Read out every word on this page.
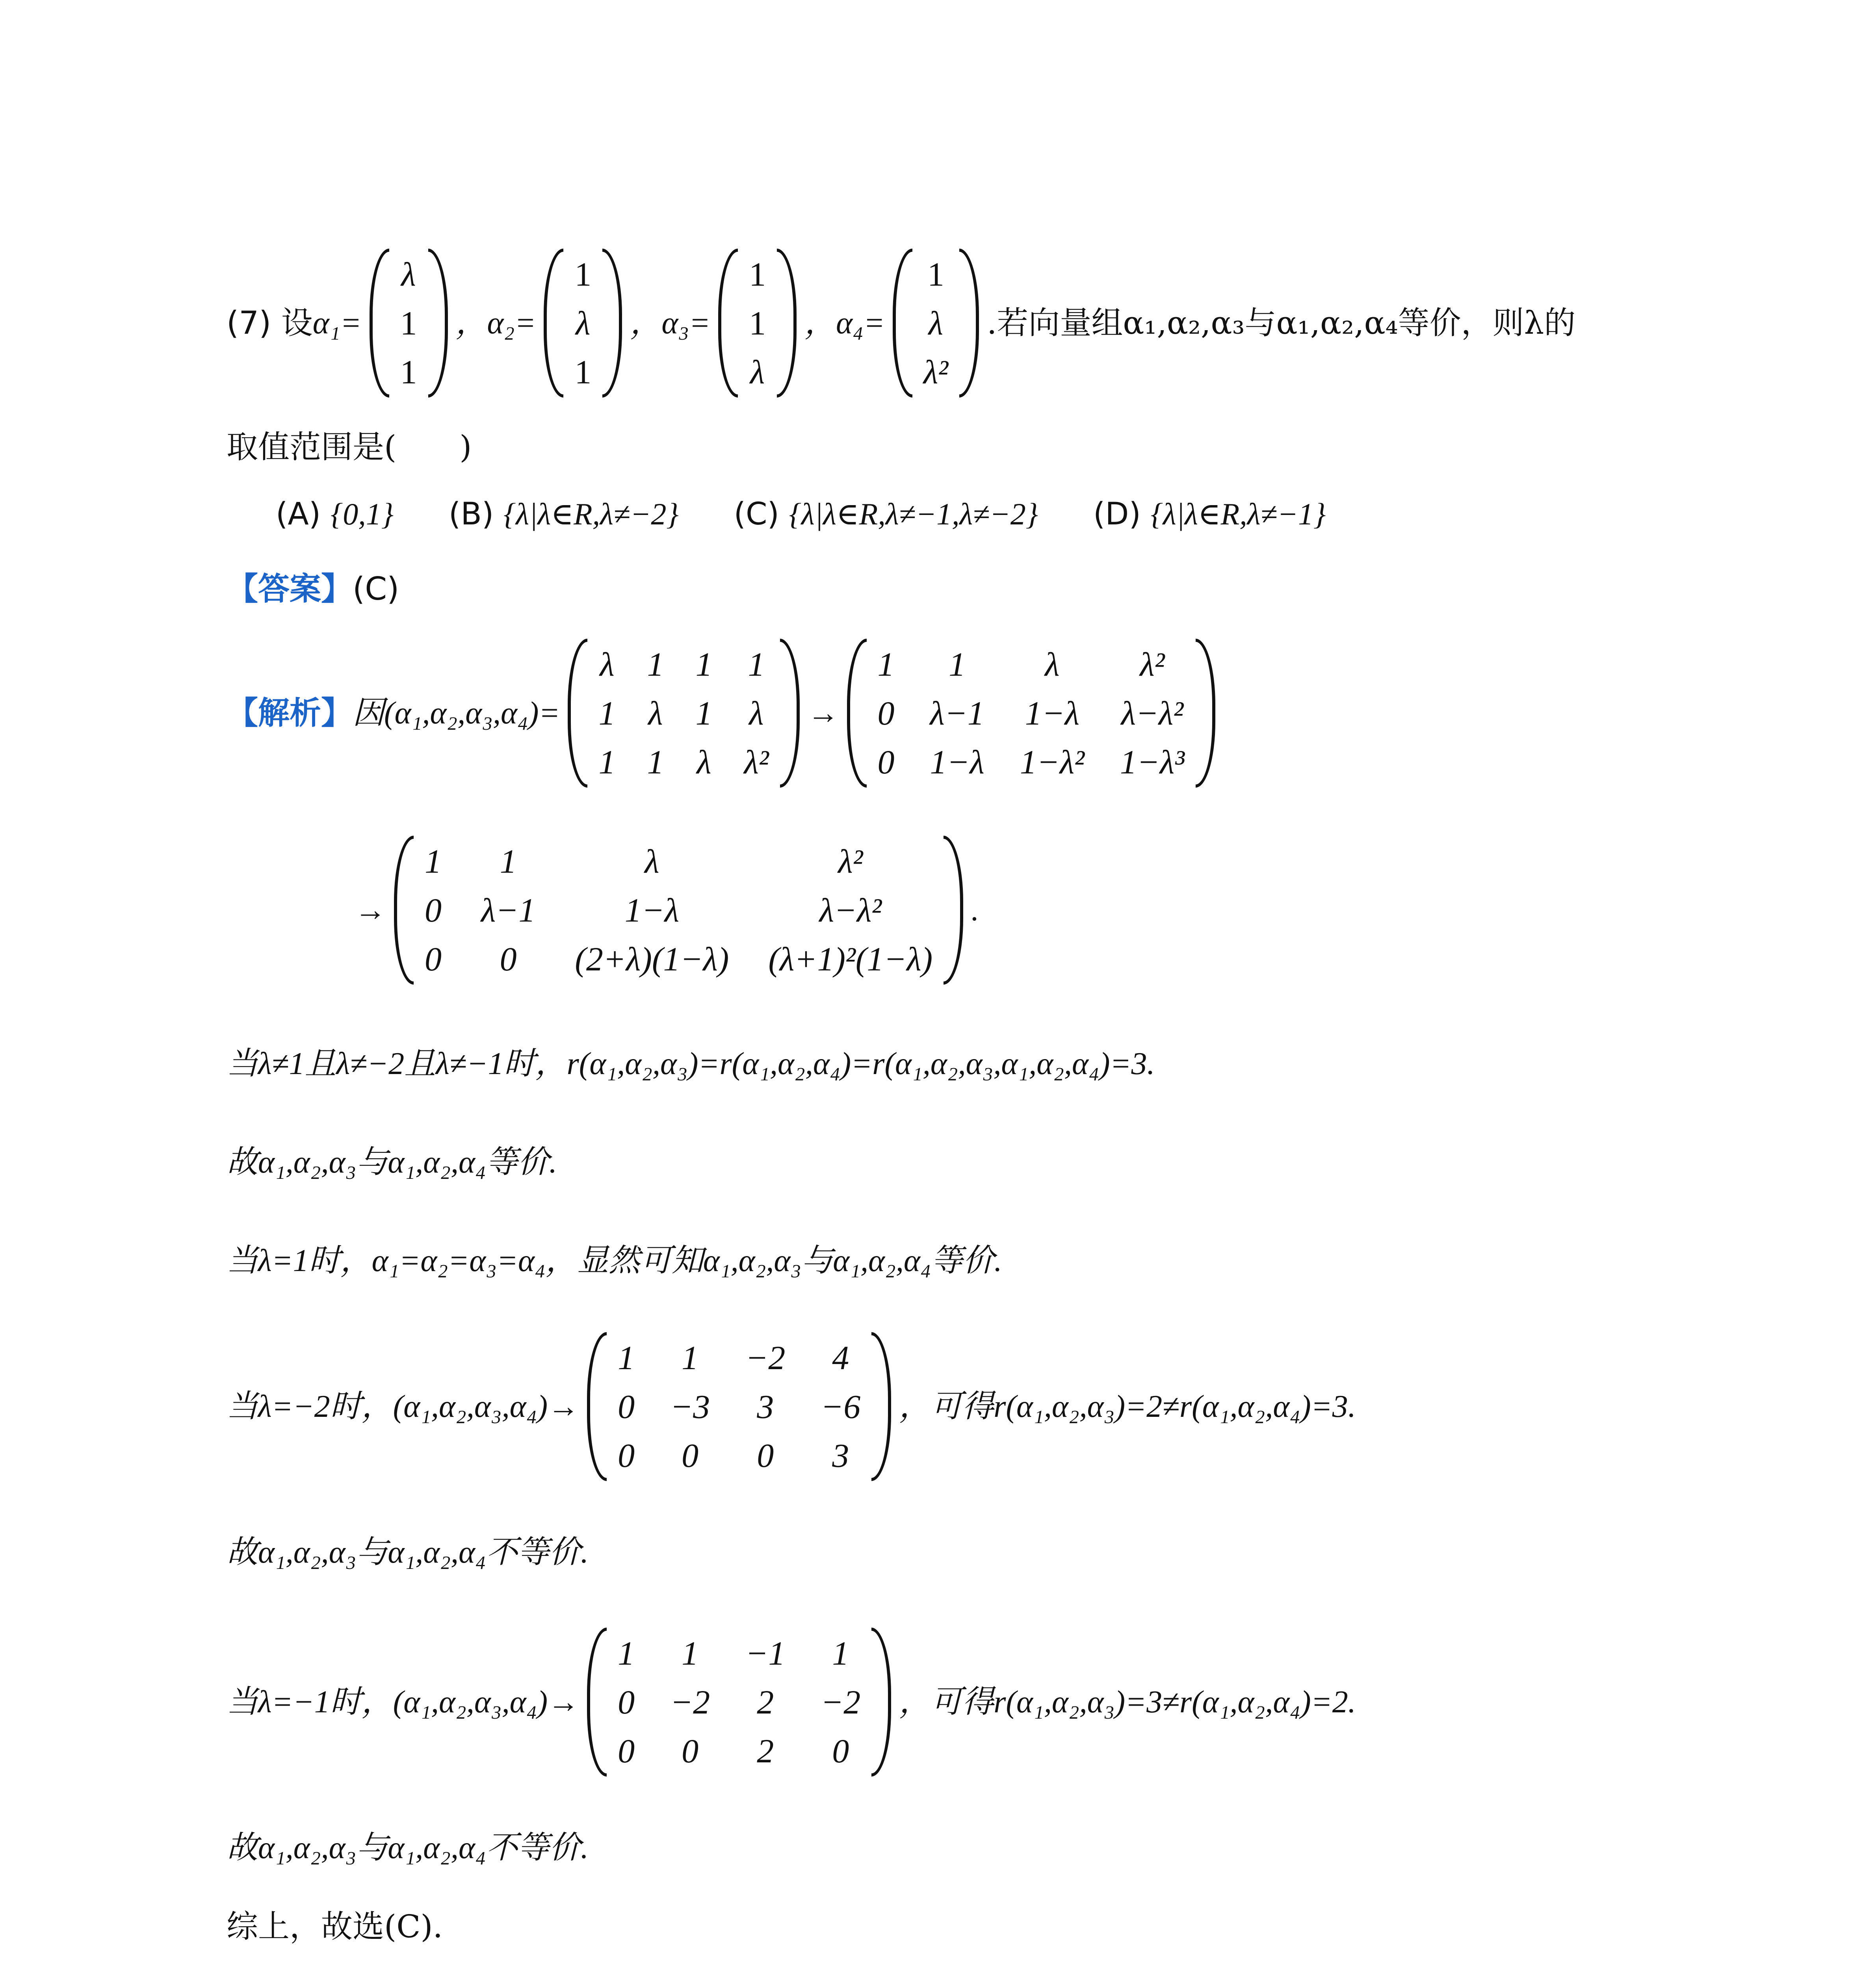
(7) 设 α₁=
λ
1
1
，α₂=
1
λ
1
，α₃=
1
1
λ
，α₄=
1
λ
λ²
.若向量组α₁,α₂,α₃与α₁,α₂,α₄等价，则λ的
取值范围是(　　)
(A) {0,1} (B) {λ|λ∈R,λ≠−2} (C) {λ|λ∈R,λ≠−1,λ≠−2} (D) {λ|λ∈R,λ≠−1}
【答案】 (C)
【解析】 因(α₁,α₂,α₃,α₄)=
λ 1 1 1
1 λ 1 λ
1 1 λ λ²
→
1	1	λ	λ²
0 λ−1 1−λ λ−λ²
0 1−λ 1−λ² 1−λ³
→
1	1	λ	λ²
0 λ−1	1−λ	λ−λ²
0	0	(2+λ)(1−λ) (λ+1)²(1−λ)
.
当λ≠1且λ≠−2且λ≠−1时，r(α₁,α₂,α₃)=r(α₁,α₂,α₄)=r(α₁,α₂,α₃,α₁,α₂,α₄)=3.
故α₁,α₂,α₃与α₁,α₂,α₄等价.
当λ=1时，α₁=α₂=α₃=α₄，显然可知α₁,α₂,α₃与α₁,α₂,α₄等价.
当λ=−2时，(α₁,α₂,α₃,α₄)→
1	1	−2	4
0 −3	3	−6
0	0	0	3
，可得r(α₁,α₂,α₃)=2≠r(α₁,α₂,α₄)=3.
故α₁,α₂,α₃与α₁,α₂,α₄不等价.
当λ=−1时，(α₁,α₂,α₃,α₄)→
1	1	−1	1
0 −2	2	−2
0	0	2	0
，可得r(α₁,α₂,α₃)=3≠r(α₁,α₂,α₄)=2.
故α₁,α₂,α₃与α₁,α₂,α₄不等价.
综上，故选(C).
